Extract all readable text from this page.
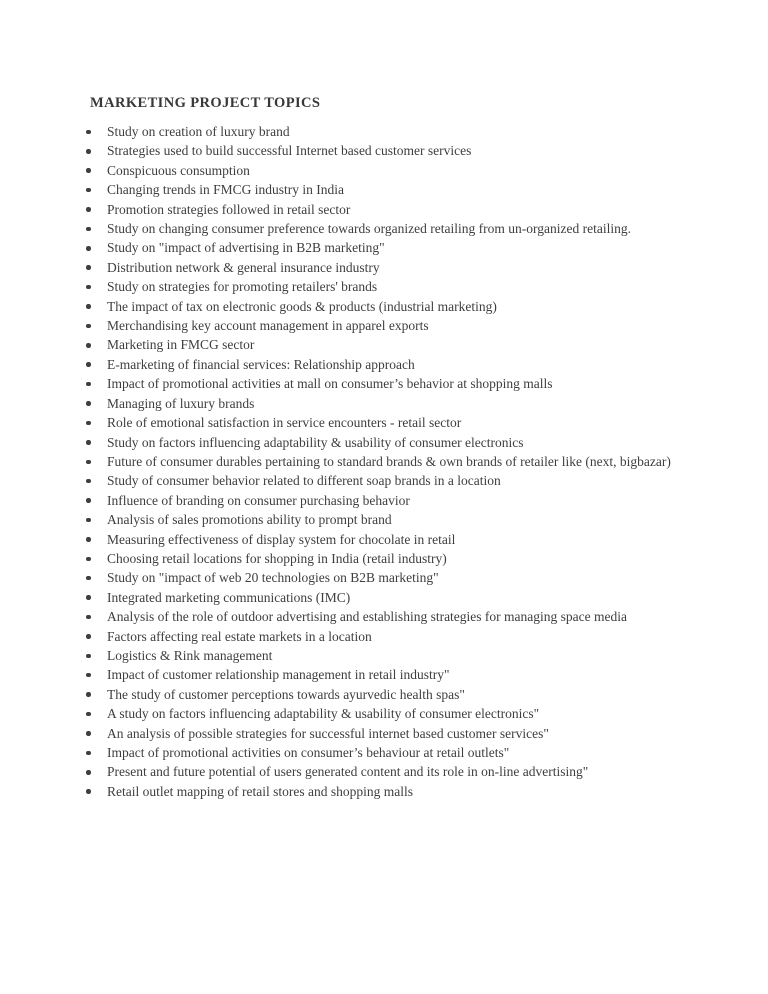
MARKETING PROJECT TOPICS
Study on creation of luxury brand
Strategies used to build successful Internet based customer services
Conspicuous consumption
Changing trends in FMCG industry in India
Promotion strategies followed in retail sector
Study on changing consumer preference towards organized retailing from un-organized retailing.
Study on "impact of advertising in B2B marketing"
Distribution network & general insurance industry
Study on strategies for promoting retailers' brands
The impact of tax on electronic goods & products (industrial marketing)
Merchandising key account management in apparel exports
Marketing in FMCG sector
E-marketing of financial services: Relationship approach
Impact of promotional activities at mall on consumer’s behavior at shopping malls
Managing of luxury brands
Role of emotional satisfaction in service encounters - retail sector
Study on factors influencing adaptability & usability of consumer electronics
Future of consumer durables pertaining to standard brands & own brands of retailer like (next, bigbazar)
Study of consumer behavior related to different soap brands in a location
Influence of branding on consumer purchasing behavior
Analysis of sales promotions ability to prompt brand
Measuring effectiveness of display system for chocolate in retail
Choosing retail locations for shopping in India (retail industry)
Study on "impact of web 20 technologies on B2B marketing"
Integrated marketing communications (IMC)
Analysis of the role of outdoor advertising and establishing strategies for managing space media
Factors affecting real estate markets in a location
Logistics & Rink management
Impact of customer relationship management in retail industry"
The study of customer perceptions towards ayurvedic health spas"
A study on factors influencing adaptability & usability of consumer electronics"
An analysis of possible strategies for successful internet based customer services"
Impact of promotional activities on consumer’s behaviour at retail outlets"
Present and future potential of users generated content and its role in on-line advertising"
Retail outlet mapping of retail stores and shopping malls
